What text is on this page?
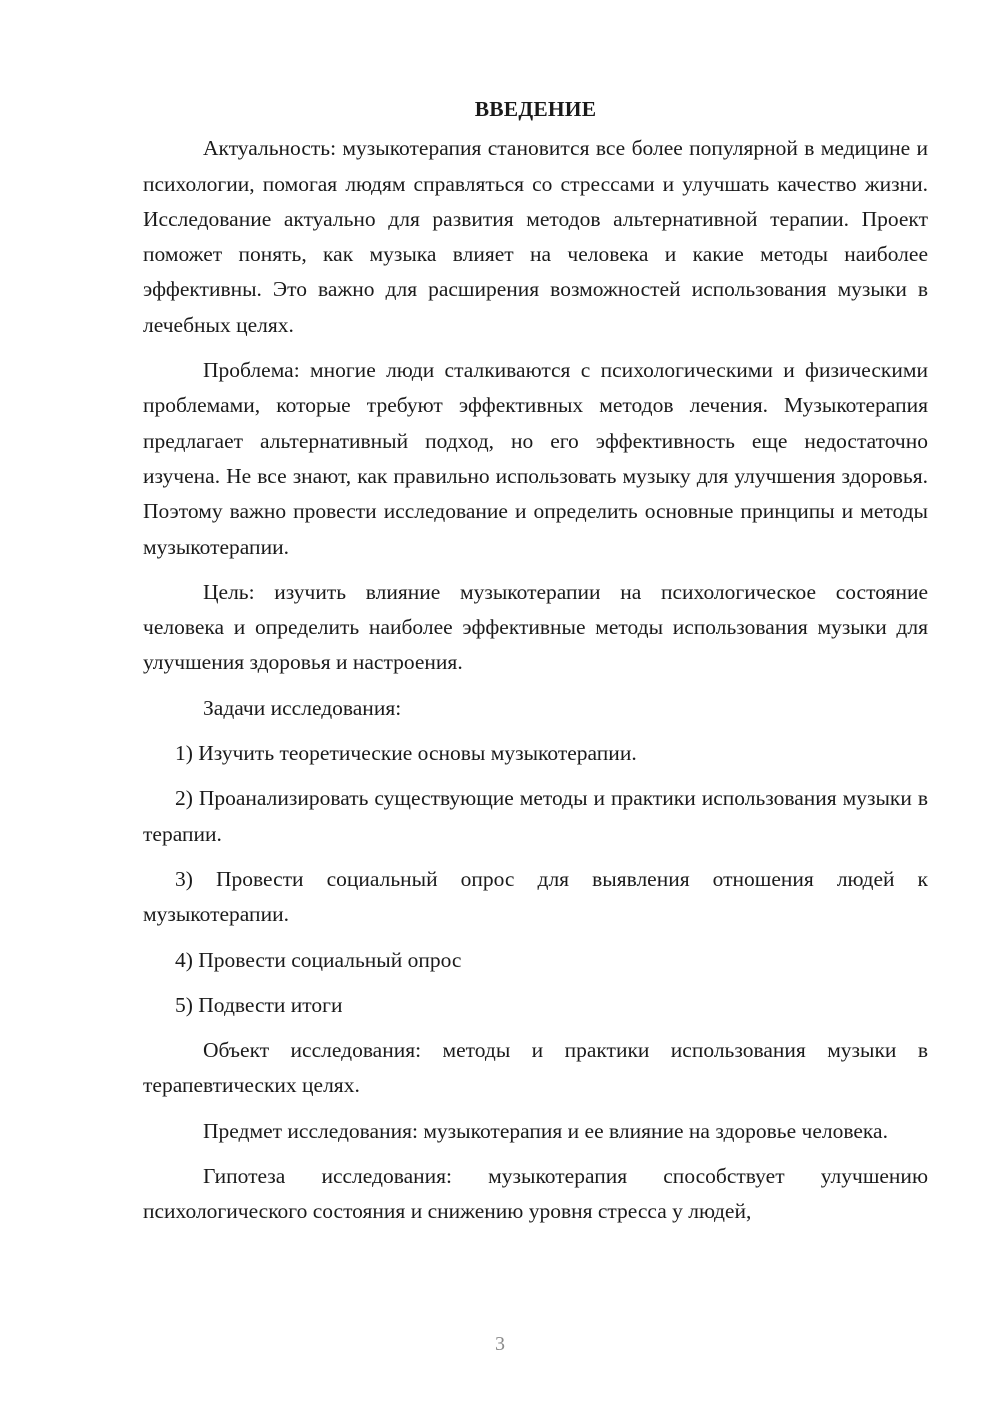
ВВЕДЕНИЕ

Актуальность: музыкотерапия становится все более популярной в медицине и психологии, помогая людям справляться со стрессами и улучшать качество жизни. Исследование актуально для развития методов альтернативной терапии. Проект поможет понять, как музыка влияет на человека и какие методы наиболее эффективны. Это важно для расширения возможностей использования музыки в лечебных целях.

Проблема: многие люди сталкиваются с психологическими и физическими проблемами, которые требуют эффективных методов лечения. Музыкотерапия предлагает альтернативный подход, но его эффективность еще недостаточно изучена. Не все знают, как правильно использовать музыку для улучшения здоровья. Поэтому важно провести исследование и определить основные принципы и методы музыкотерапии.

Цель: изучить влияние музыкотерапии на психологическое состояние человека и определить наиболее эффективные методы использования музыки для улучшения здоровья и настроения.

Задачи исследования:

1) Изучить теоретические основы музыкотерапии.

2) Проанализировать существующие методы и практики использования музыки в терапии.

3) Провести социальный опрос для выявления отношения людей к музыкотерапии.

4) Провести социальный опрос

5) Подвести итоги

Объект исследования: методы и практики использования музыки в терапевтических целях.

Предмет исследования: музыкотерапия и ее влияние на здоровье человека.

Гипотеза исследования: музыкотерапия способствует улучшению психологического состояния и снижению уровня стресса у людей,

3
